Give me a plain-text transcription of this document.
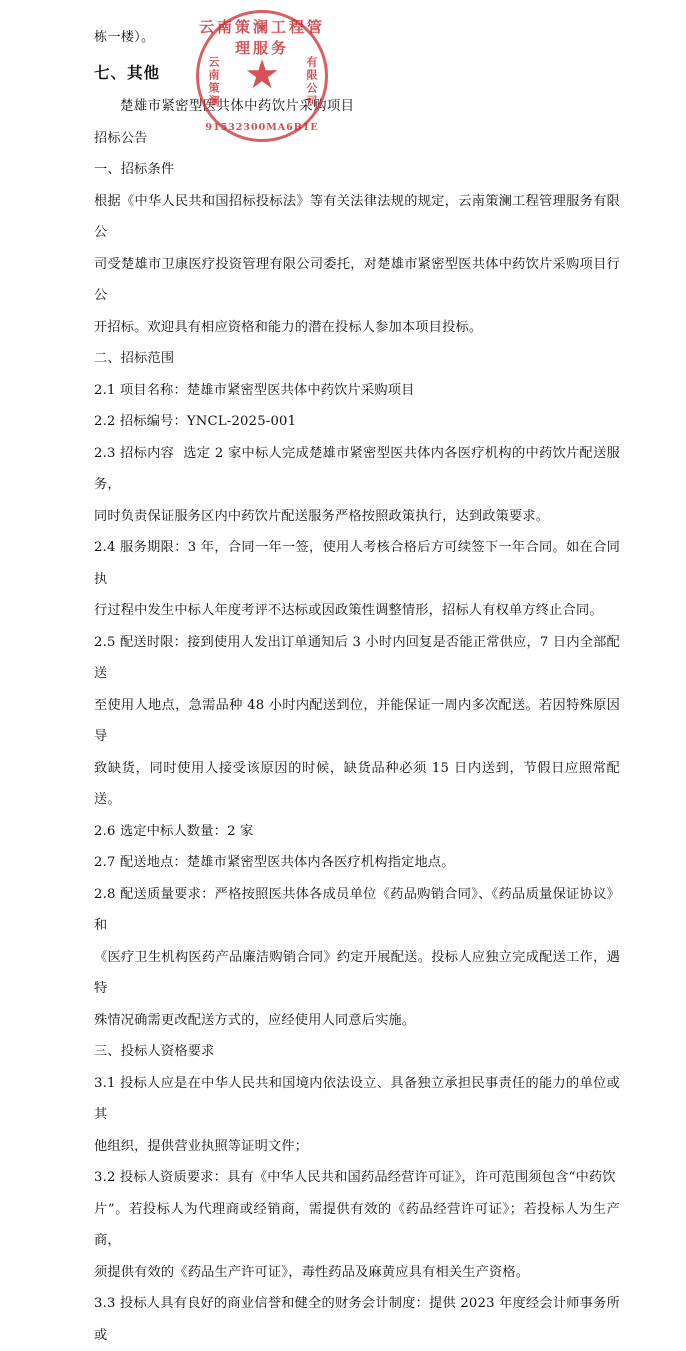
栋一楼）。
七、其他
楚雄市紧密型医共体中药饮片采购项目
招标公告
一、招标条件
根据《中华人民共和国招标投标法》等有关法律法规的规定，云南策澜工程管理服务有限公
司受楚雄市卫康医疗投资管理有限公司委托，对楚雄市紧密型医共体中药饮片采购项目行公
开招标。欢迎具有相应资格和能力的潜在投标人参加本项目投标。
二、招标范围
2.1 项目名称：楚雄市紧密型医共体中药饮片采购项目
2.2 招标编号：YNCL-2025-001
2.3 招标内容  选定 2 家中标人完成楚雄市紧密型医共体内各医疗机构的中药饮片配送服务，
同时负责保证服务区内中药饮片配送服务严格按照政策执行，达到政策要求。
2.4 服务期限：3 年，合同一年一签，使用人考核合格后方可续签下一年合同。如在合同执
行过程中发生中标人年度考评不达标或因政策性调整情形，招标人有权单方终止合同。
2.5 配送时限：接到使用人发出订单通知后 3 小时内回复是否能正常供应，7 日内全部配送
至使用人地点，急需品种 48 小时内配送到位，并能保证一周内多次配送。若因特殊原因导
致缺货，同时使用人接受该原因的时候，缺货品种必须 15 日内送到，节假日应照常配送。
2.6 选定中标人数量：2 家
2.7 配送地点：楚雄市紧密型医共体内各医疗机构指定地点。
2.8 配送质量要求：严格按照医共体各成员单位《药品购销合同》、《药品质量保证协议》和
《医疗卫生机构医药产品廉洁购销合同》约定开展配送。投标人应独立完成配送工作，遇特
殊情况确需更改配送方式的，应经使用人同意后实施。
三、投标人资格要求
3.1 投标人应是在中华人民共和国境内依法设立、具备独立承担民事责任的能力的单位或其
他组织，提供营业执照等证明文件；
3.2 投标人资质要求：具有《中华人民共和国药品经营许可证》，许可范围须包含“中药饮
片”。若投标人为代理商或经销商，需提供有效的《药品经营许可证》；若投标人为生产商，
须提供有效的《药品生产许可证》，毒性药品及麻黄应具有相关生产资格。
3.3 投标人具有良好的商业信誉和健全的财务会计制度：提供 2023 年度经会计师事务所或
云南策澜工程管理服务
★
云南策澜	有限公司
91532300MA6B1E
